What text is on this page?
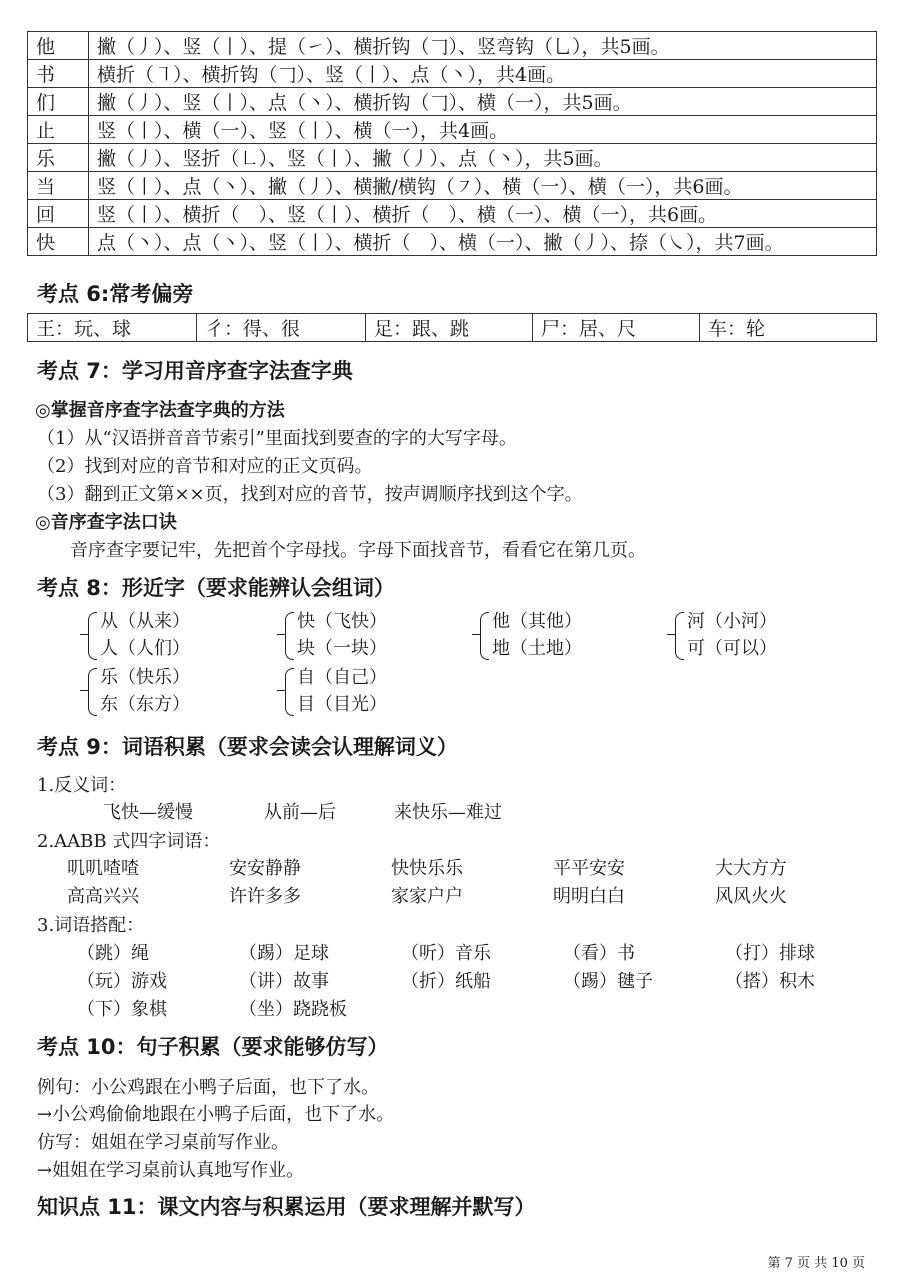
他	撇（丿）、竖（丨）、提（㇀）、横折钩（𠃌）、竖弯钩（乚），共5画。
书	横折（㇕）、横折钩（𠃌）、竖（丨）、点（丶），共4画。
们	撇（丿）、竖（丨）、点（丶）、横折钩（𠃌）、横（一），共5画。
止	竖（丨）、横（一）、竖（丨）、横（一），共4画。
乐	撇（丿）、竖折（㇗）、竖（丨）、撇（丿）、点（丶），共5画。
当	竖（丨）、点（丶）、撇（丿）、横撇/横钩（㇇）、横（一）、横（一），共6画。
回	竖（丨）、横折（　）、竖（丨）、横折（　）、横（一）、横（一），共6画。
快	点（丶）、点（丶）、竖（丨）、横折（　）、横（一）、撇（丿）、捺（㇏），共7画。
考点 6:常考偏旁
王：玩、球	彳：得、很	足：跟、跳	尸：居、尺	车：轮
考点 7：学习用音序查字法查字典
◎掌握音序查字法查字典的方法
（1）从“汉语拼音音节索引”里面找到要查的字的大写字母。
（2）找到对应的音节和对应的正文页码。
（3）翻到正文第××页，找到对应的音节，按声调顺序找到这个字。
◎音序查字法口诀
音序查字要记牢，先把首个字母找。字母下面找音节，看看它在第几页。
考点 8：形近字（要求能辨认会组词）
从（从来）
人（人们）
快（飞快）
块（一块）
他（其他）
地（土地）
河（小河）
可（可以）
乐（快乐）
东（东方）
自（自己）
目（目光）
考点 9：词语积累（要求会读会认理解词义）
1.反义词：
飞快—缓慢	从前—后	来快乐—难过
2.AABB 式四字词语：
叽叽喳喳	安安静静	快快乐乐	平平安安	大大方方
高高兴兴	许许多多	家家户户	明明白白	风风火火
3.词语搭配：
（跳）绳	（踢）足球	（听）音乐	（看）书	（打）排球
（玩）游戏	（讲）故事	（折）纸船	（踢）毽子	（搭）积木
（下）象棋	（坐）跷跷板
考点 10：句子积累（要求能够仿写）
例句：小公鸡跟在小鸭子后面，也下了水。
→小公鸡偷偷地跟在小鸭子后面，也下了水。
仿写：姐姐在学习桌前写作业。
→姐姐在学习桌前认真地写作业。
知识点 11：课文内容与积累运用（要求理解并默写）
第 7 页 共 10 页
